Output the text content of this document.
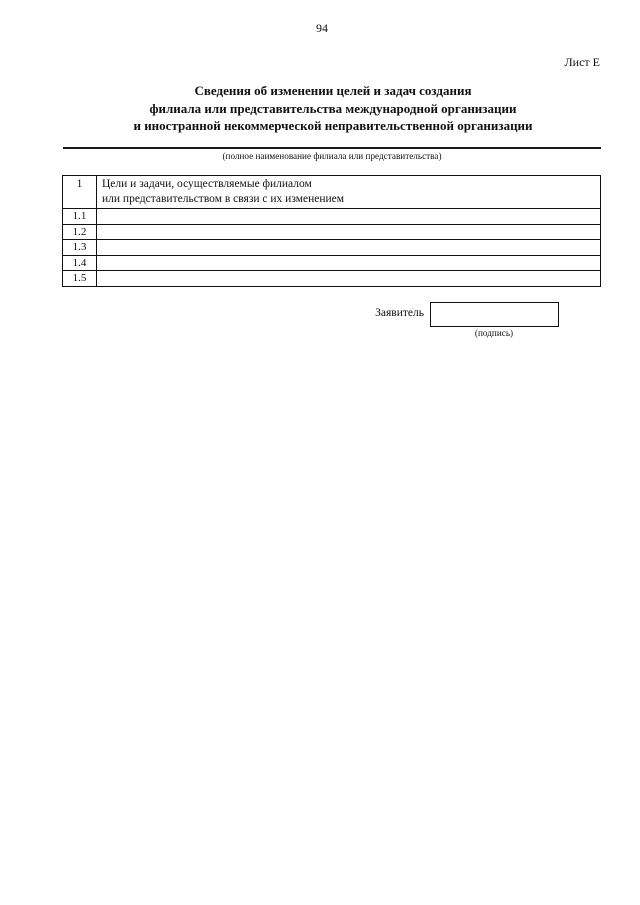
94
Лист Е
Сведения об изменении целей и задач создания
филиала или представительства международной организации
и иностранной некоммерческой неправительственной организации
(полное наименование филиала или представительства)
1	Цели и задачи, осуществляемые филиалом
или представительством в связи с их изменением

1.1	
1.2	
1.3	
1.4	
1.5	
Заявитель
(подпись)
